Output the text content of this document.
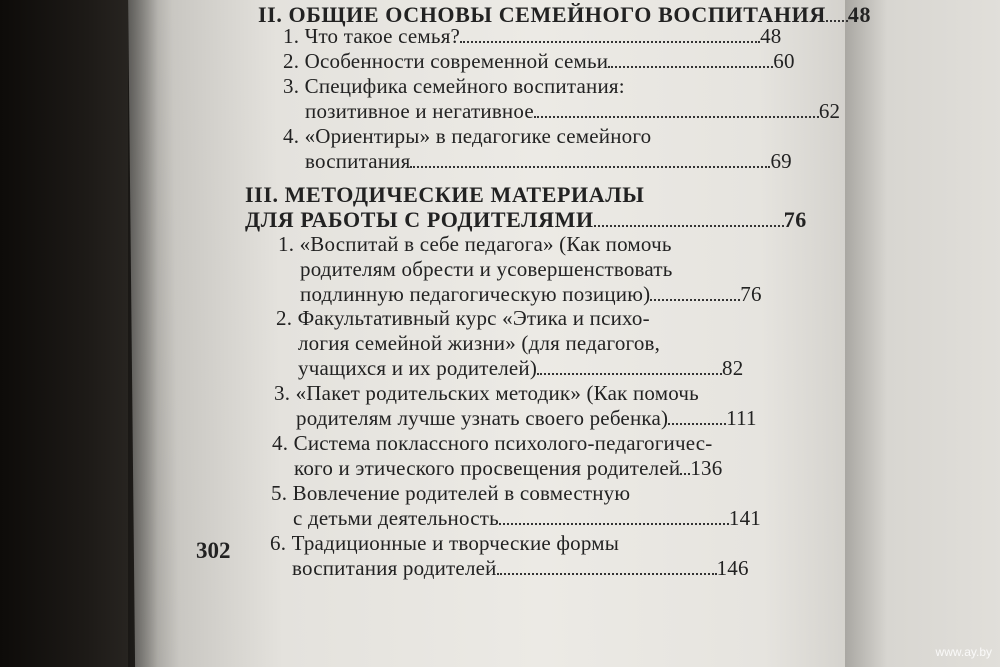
II. ОБЩИЕ ОСНОВЫ СЕМЕЙНОГО ВОСПИТАНИЯ 48
1. Что такое семья?	48
2. Особенности современной семьи	60
3. Специфика семейного воспитания:
позитивное и негативное	62
4. «Ориентиры» в педагогике семейного
воспитания	69
III. МЕТОДИЧЕСКИЕ МАТЕРИАЛЫ
ДЛЯ РАБОТЫ С РОДИТЕЛЯМИ	76
1. «Воспитай в себе педагога» (Как помочь
родителям обрести и усовершенствовать
подлинную педагогическую позицию)	76
2. Факультативный курс «Этика и психо-
логия семейной жизни» (для педагогов,
учащихся и их родителей)	82
3. «Пакет родительских методик» (Как помочь
родителям лучше узнать своего ребенка)	111
4. Система поклассного психолого-педагогичес-
кого и этического просвещения родителей 136
5. Вовлечение родителей в совместную
с детьми деятельность	141
6. Традиционные и творческие формы
воспитания родителей	146
302
www.ay.by
